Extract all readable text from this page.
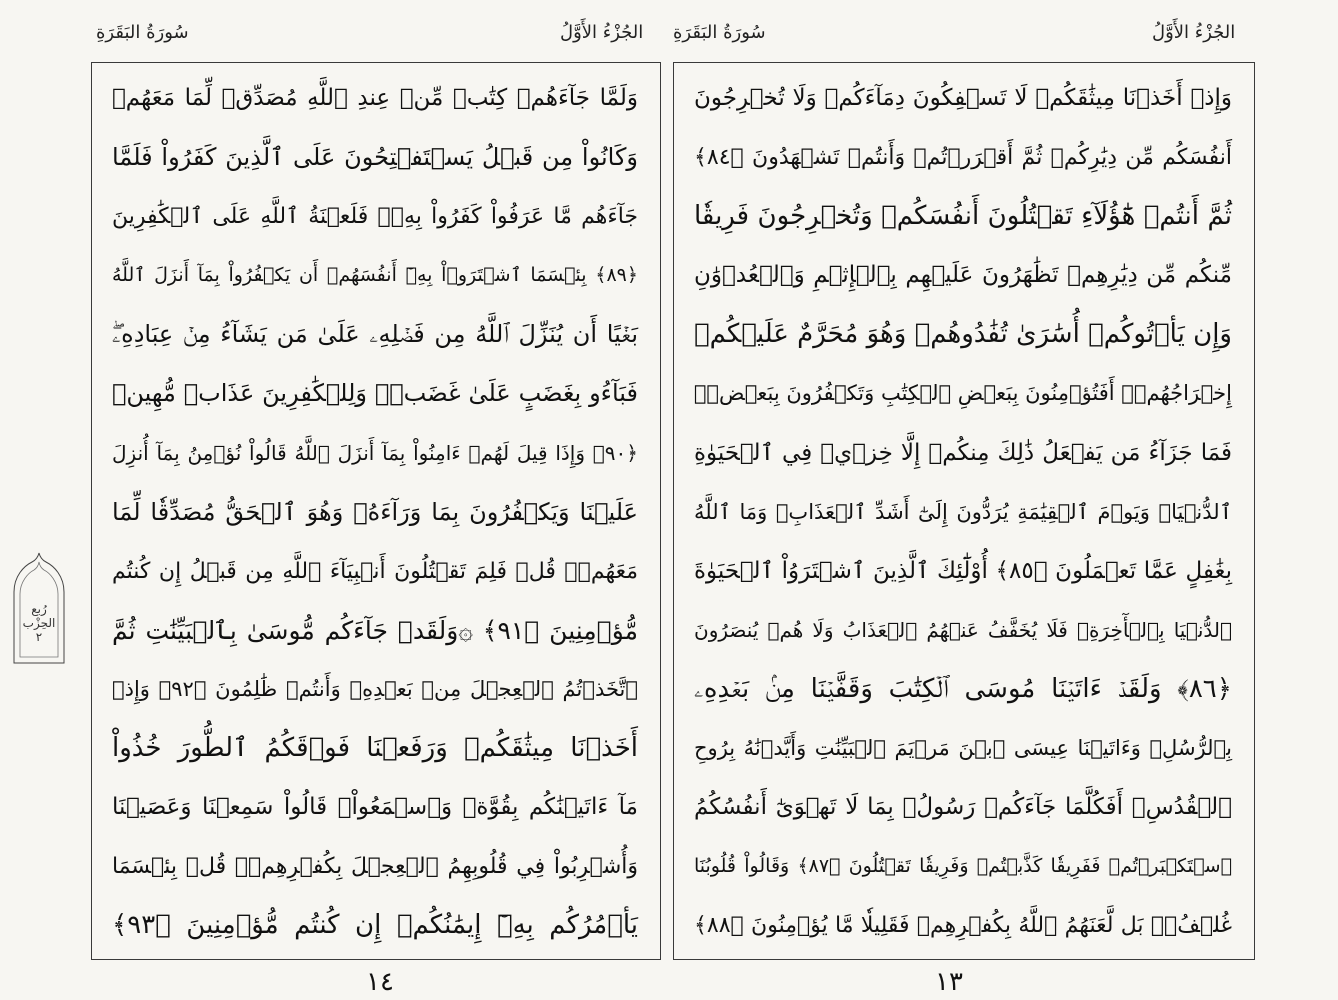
سُورَةُ البَقَرَةِ	الجُزْءُ الأَوَّلُ
وَلَمَّا جَآءَهُمۡ كِتَٰبٞ مِّنۡ عِندِ ٱللَّهِ مُصَدِّقٞ لِّمَا مَعَهُمۡ
وَكَانُواْ مِن قَبۡلُ يَسۡتَفۡتِحُونَ عَلَى ٱلَّذِينَ كَفَرُواْ فَلَمَّا
جَآءَهُم مَّا عَرَفُواْ كَفَرُواْ بِهِۦۚ فَلَعۡنَةُ ٱللَّهِ عَلَى ٱلۡكَٰفِرِينَ
﴿٨٩﴾ بِئۡسَمَا ٱشۡتَرَوۡاْ بِهِۦٓ أَنفُسَهُمۡ أَن يَكۡفُرُواْ بِمَآ أَنزَلَ ٱللَّهُ
بَغۡيًا أَن يُنَزِّلَ ٱللَّهُ مِن فَضۡلِهِۦ عَلَىٰ مَن يَشَآءُ مِنۡ عِبَادِهِۦۖ
فَبَآءُو بِغَضَبٍ عَلَىٰ غَضَبٖۚ وَلِلۡكَٰفِرِينَ عَذَابٞ مُّهِينٞ
﴿٩٠﴾ وَإِذَا قِيلَ لَهُمۡ ءَامِنُواْ بِمَآ أَنزَلَ ٱللَّهُ قَالُواْ نُؤۡمِنُ بِمَآ أُنزِلَ
عَلَيۡنَا وَيَكۡفُرُونَ بِمَا وَرَآءَهُۥ وَهُوَ ٱلۡحَقُّ مُصَدِّقٗا لِّمَا
مَعَهُمۡۗ قُلۡ فَلِمَ تَقۡتُلُونَ أَنۢبِيَآءَ ٱللَّهِ مِن قَبۡلُ إِن كُنتُم
مُّؤۡمِنِينَ ﴿٩١﴾ ۞وَلَقَدۡ جَآءَكُم مُّوسَىٰ بِٱلۡبَيِّنَٰتِ ثُمَّ
ٱتَّخَذۡتُمُ ٱلۡعِجۡلَ مِنۢ بَعۡدِهِۦ وَأَنتُمۡ ظَٰلِمُونَ ﴿٩٢﴾ وَإِذۡ
أَخَذۡنَا مِيثَٰقَكُمۡ وَرَفَعۡنَا فَوۡقَكُمُ ٱلطُّورَ خُذُواْ
مَآ ءَاتَيۡنَٰكُم بِقُوَّةٖ وَٱسۡمَعُواْۖ قَالُواْ سَمِعۡنَا وَعَصَيۡنَا
وَأُشۡرِبُواْ فِي قُلُوبِهِمُ ٱلۡعِجۡلَ بِكُفۡرِهِمۡۚ قُلۡ بِئۡسَمَا
يَأۡمُرُكُم بِهِۦٓ إِيمَٰنُكُمۡ إِن كُنتُم مُّؤۡمِنِينَ ﴿٩٣﴾
١٤
رُبع
الحِزْب
٢
سُورَةُ البَقَرَةِ	الجُزْءُ الأَوَّلُ
وَإِذۡ أَخَذۡنَا مِيثَٰقَكُمۡ لَا تَسۡفِكُونَ دِمَآءَكُمۡ وَلَا تُخۡرِجُونَ
أَنفُسَكُم مِّن دِيَٰرِكُمۡ ثُمَّ أَقۡرَرۡتُمۡ وَأَنتُمۡ تَشۡهَدُونَ ﴿٨٤﴾
ثُمَّ أَنتُمۡ هَٰٓؤُلَآءِ تَقۡتُلُونَ أَنفُسَكُمۡ وَتُخۡرِجُونَ فَرِيقٗا
مِّنكُم مِّن دِيَٰرِهِمۡ تَظَٰهَرُونَ عَلَيۡهِم بِٱلۡإِثۡمِ وَٱلۡعُدۡوَٰنِ
وَإِن يَأۡتُوكُمۡ أُسَٰرَىٰ تُفَٰدُوهُمۡ وَهُوَ مُحَرَّمٌ عَلَيۡكُمۡ
إِخۡرَاجُهُمۡۚ أَفَتُؤۡمِنُونَ بِبَعۡضِ ٱلۡكِتَٰبِ وَتَكۡفُرُونَ بِبَعۡضٖۚ
فَمَا جَزَآءُ مَن يَفۡعَلُ ذَٰلِكَ مِنكُمۡ إِلَّا خِزۡيٞ فِي ٱلۡحَيَوٰةِ
ٱلدُّنۡيَاۖ وَيَوۡمَ ٱلۡقِيَٰمَةِ يُرَدُّونَ إِلَىٰٓ أَشَدِّ ٱلۡعَذَابِۗ وَمَا ٱللَّهُ
بِغَٰفِلٍ عَمَّا تَعۡمَلُونَ ﴿٨٥﴾ أُوْلَٰٓئِكَ ٱلَّذِينَ ٱشۡتَرَوُاْ ٱلۡحَيَوٰةَ
ٱلدُّنۡيَا بِٱلۡأٓخِرَةِۖ فَلَا يُخَفَّفُ عَنۡهُمُ ٱلۡعَذَابُ وَلَا هُمۡ يُنصَرُونَ
﴿٨٦﴾ وَلَقَدۡ ءَاتَيۡنَا مُوسَى ٱلۡكِتَٰبَ وَقَفَّيۡنَا مِنۢ بَعۡدِهِۦ
بِٱلرُّسُلِۖ وَءَاتَيۡنَا عِيسَى ٱبۡنَ مَرۡيَمَ ٱلۡبَيِّنَٰتِ وَأَيَّدۡنَٰهُ بِرُوحِ
ٱلۡقُدُسِۗ أَفَكُلَّمَا جَآءَكُمۡ رَسُولُۢ بِمَا لَا تَهۡوَىٰٓ أَنفُسُكُمُ
ٱسۡتَكۡبَرۡتُمۡ فَفَرِيقٗا كَذَّبۡتُمۡ وَفَرِيقٗا تَقۡتُلُونَ ﴿٨٧﴾ وَقَالُواْ قُلُوبُنَا
غُلۡفُۢۚ بَل لَّعَنَهُمُ ٱللَّهُ بِكُفۡرِهِمۡ فَقَلِيلٗا مَّا يُؤۡمِنُونَ ﴿٨٨﴾
١٣
